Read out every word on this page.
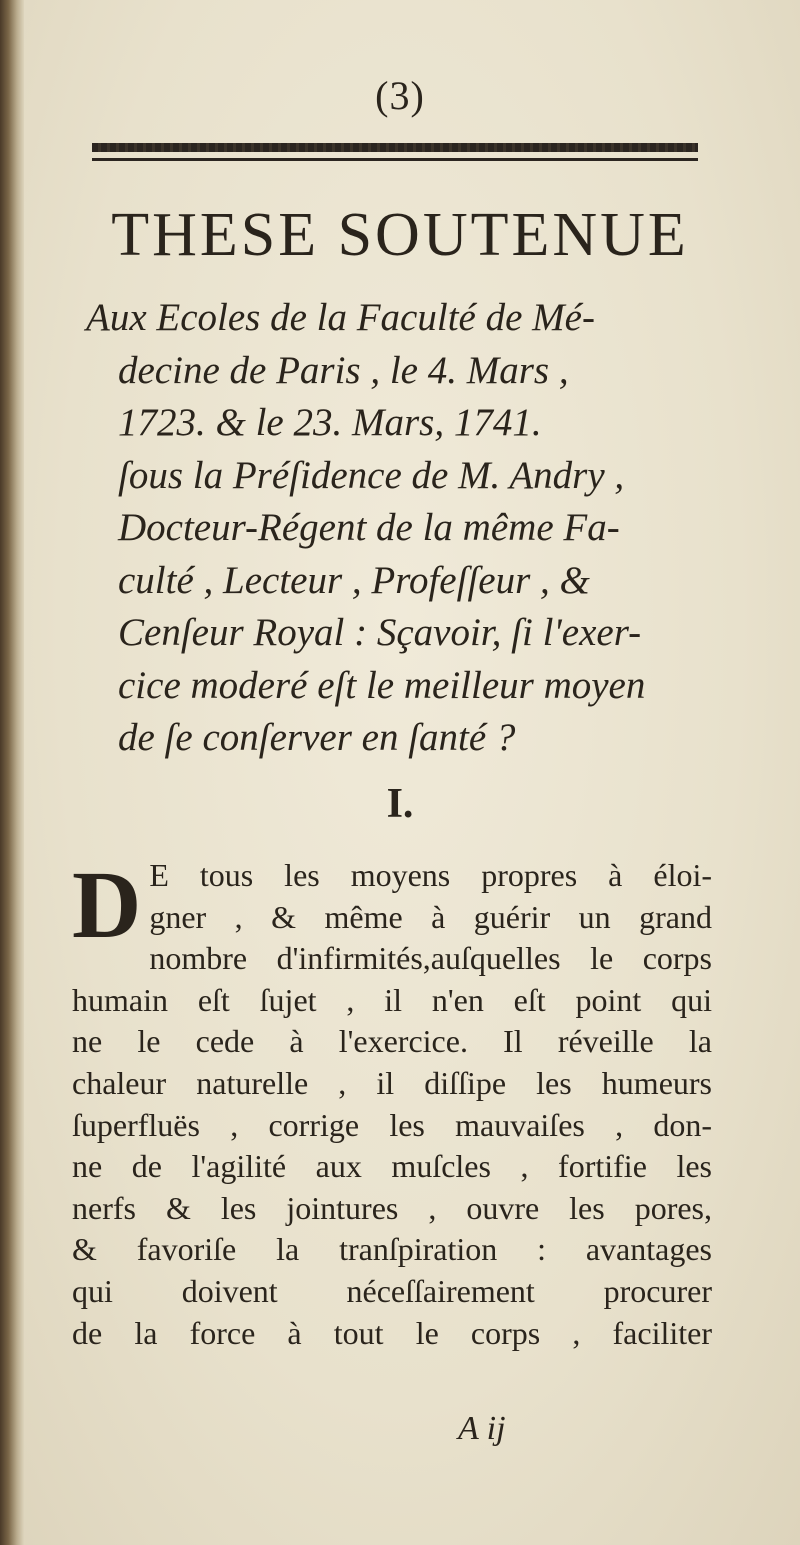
(3)
THESE SOUTENUE
Aux Ecoles de la Faculté de Mé-
decine de Paris , le 4. Mars ,
1723. & le 23. Mars, 1741.
ſous la Préſidence de M. Andry ,
Docteur-Régent de la même Fa-
culté , Lecteur , Profeſſeur , &
Cenſeur Royal : Sçavoir, ſi l'exer-
cice moderé eſt le meilleur moyen
de ſe conſerver en ſanté ?
I.
D E tous les moyens propres à éloi-
gner , & même à guérir un grand
nombre d'infirmités,auſquelles le corps
humain eſt ſujet , il n'en eſt point qui
ne le cede à l'exercice. Il réveille la
chaleur naturelle , il diſſipe les humeurs
ſuperfluës , corrige les mauvaiſes , don-
ne de l'agilité aux muſcles , fortifie les
nerfs & les jointures , ouvre les pores,
& favoriſe la tranſpiration : avantages
qui doivent néceſſairement procurer
de la force à tout le corps , faciliter
A ij
